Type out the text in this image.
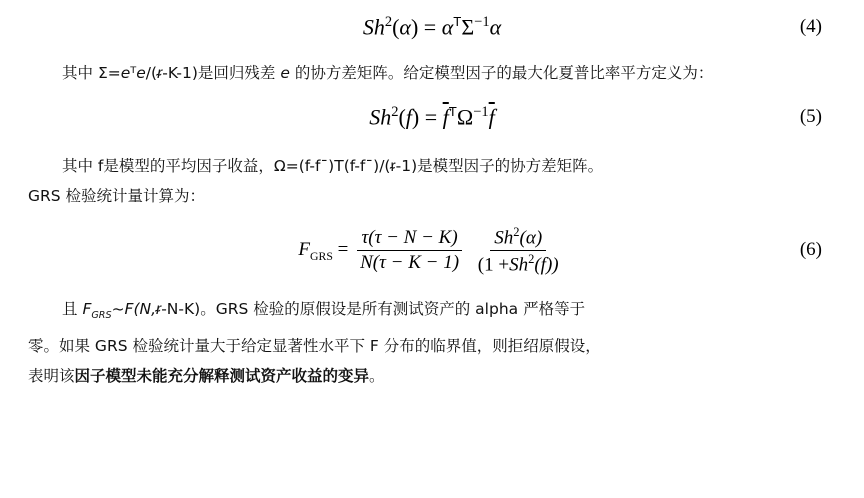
$Sh^2(\alpha) = \alpha^T\Sigma^{-1}\alpha$	(4)

其中 Σ=eᵀe/(ᵲ-K-1)是回归残差 e 的协方差矩阵。给定模型因子的最大化夏普比率平方定义为：

$Sh^2(f) = \overline{f}^T\Omega^{-1}\overline{f}$	(5)

其中 f是模型的平均因子收益，Ω=(f-fˉ)T(f-fˉ)/(ᵲ-1)是模型因子的协方差矩阵。
GRS 检验统计量计算为：

$F_{GRS} = \frac{\tau(\tau - N - K)}{N(\tau - K - 1)}$
$\frac{Sh^2(\alpha)}{(1 +Sh^2(f))}$	(6)

且 $F_{GRS}\sim F(N,ᵲ-N-K)$。GRS 检验的原假设是所有测试资产的 alpha 严格等于
零。如果 GRS 检验统计量大于给定显著性水平下 F 分布的临界值，则拒绍原假设，
表明该因子模型未能充分解释测试资产收益的变异。
